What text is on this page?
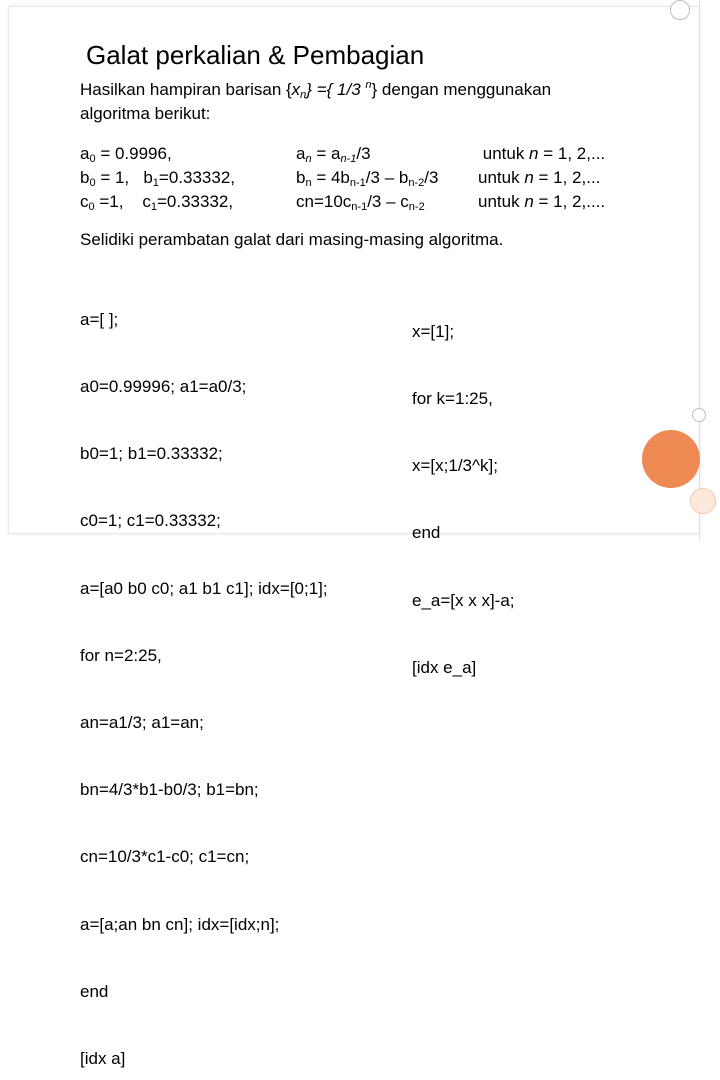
Galat perkalian & Pembagian
Hasilkan hampiran barisan $\{x_n\}$ ={ 1/3 $^n$} dengan menggunakan
algoritma berikut:
$a_0 = 0.9996$,
$b_0 = 1$,   $b_1=0.33332$,
$c_0 =1$,    $c_1=0.33332$,
$a_n = a_{n-1}/3$
$b_n = 4b_{n-1}/3 - b_{n-2}/3$
$cn=10c_{n-1}/3 - c_{n-2}$
untuk n = 1, 2,...
untuk n = 1, 2,...
untuk n = 1, 2,....
Selidiki perambatan galat dari masing-masing algoritma.

a=[ ];

a0=0.99996; a1=a0/3;

b0=1; b1=0.33332;

c0=1; c1=0.33332;

a=[a0 b0 c0; a1 b1 c1]; idx=[0;1];

for n=2:25,

an=a1/3; a1=an;

bn=4/3*b1-b0/3; b1=bn;

cn=10/3*c1-c0; c1=cn;

a=[a;an bn cn]; idx=[idx;n];

end

[idx a]

x=[1];

for k=1:25,

x=[x;1/3^k];

end

e_a=[x x x]-a;

[idx e_a]
